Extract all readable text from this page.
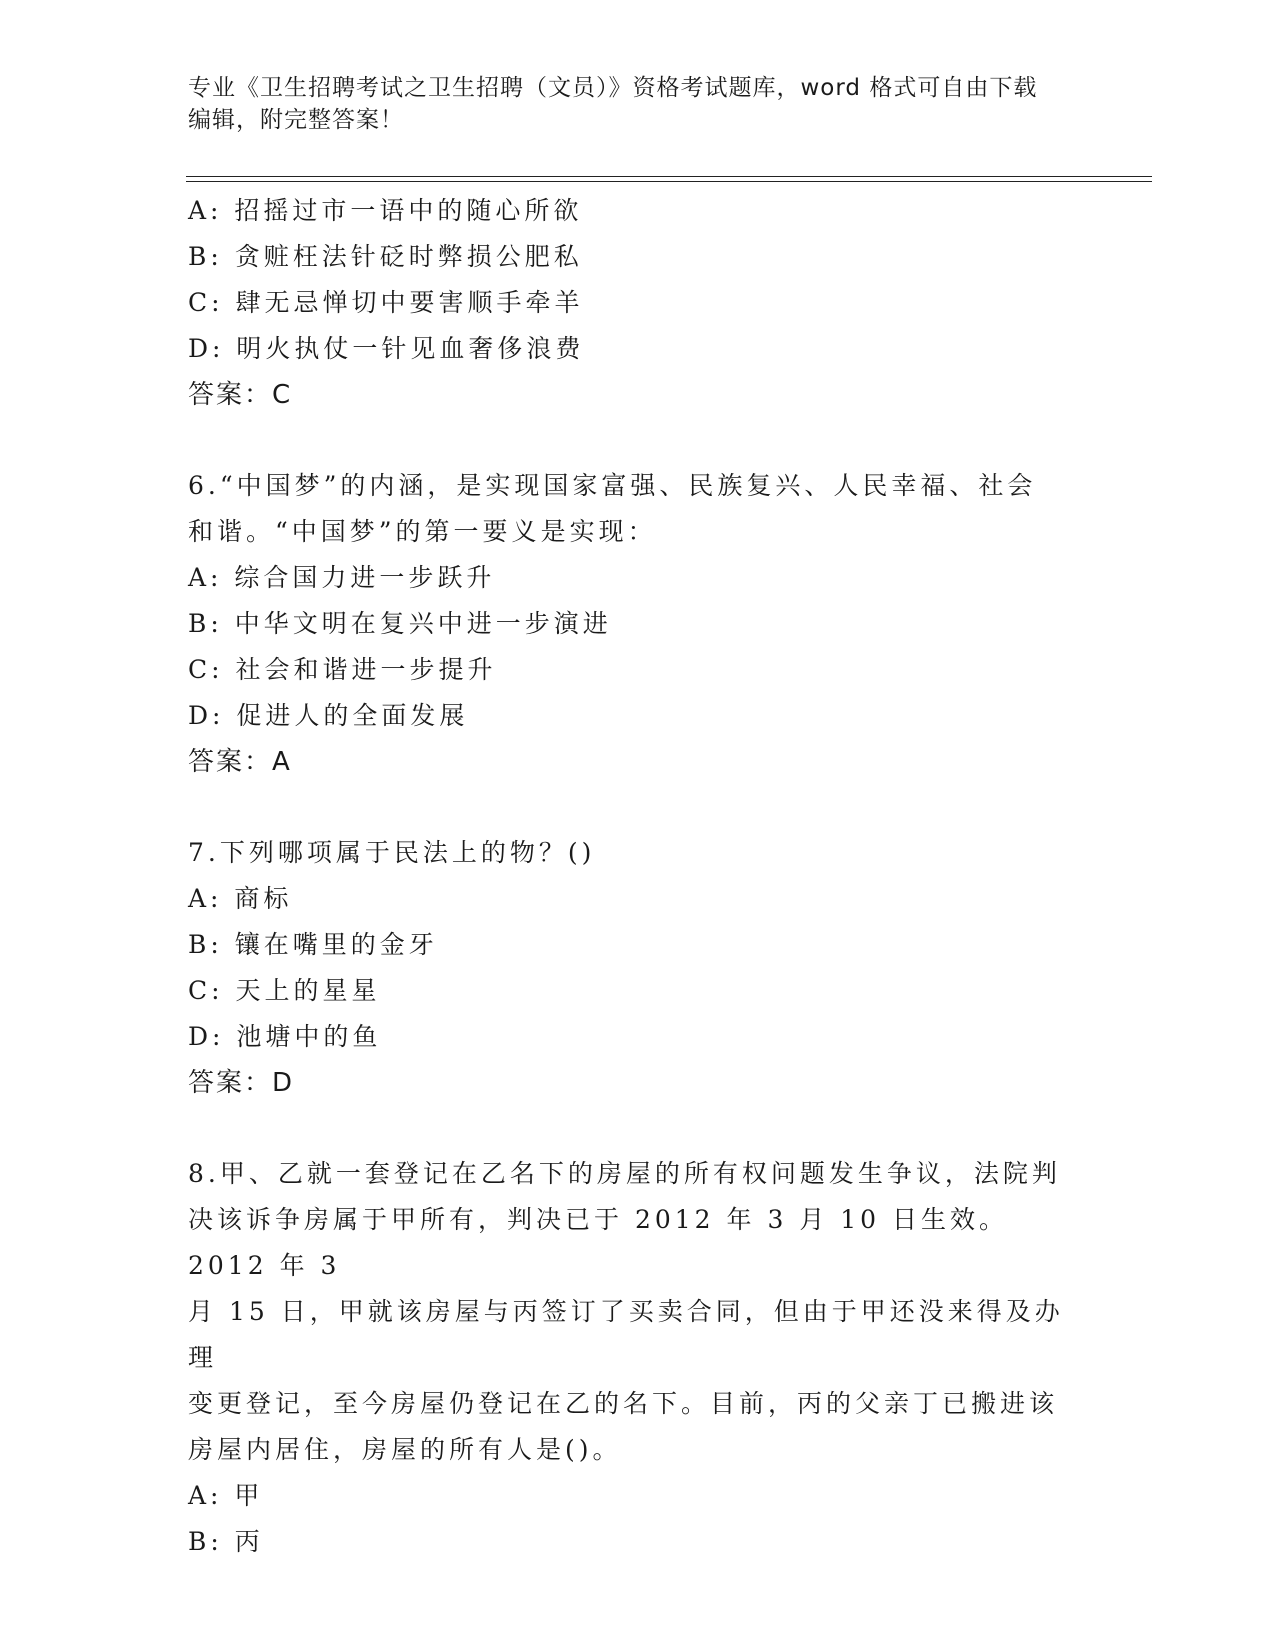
专业《卫生招聘考试之卫生招聘（文员）》资格考试题库，word 格式可自由下载
编辑，附完整答案！
A: 招摇过市一语中的随心所欲
B: 贪赃枉法针砭时弊损公肥私
C: 肆无忌惮切中要害顺手牵羊
D: 明火执仗一针见血奢侈浪费
答案：C
6.“中国梦”的内涵，是实现国家富强、民族复兴、人民幸福、社会
和谐。“中国梦”的第一要义是实现：
A: 综合国力进一步跃升
B: 中华文明在复兴中进一步演进
C: 社会和谐进一步提升
D: 促进人的全面发展
答案：A
7.下列哪项属于民法上的物？()
A: 商标
B: 镶在嘴里的金牙
C: 天上的星星
D: 池塘中的鱼
答案：D
8.甲、乙就一套登记在乙名下的房屋的所有权问题发生争议，法院判
决该诉争房属于甲所有，判决已于 2012 年 3 月 10 日生效。2012 年 3
月 15 日，甲就该房屋与丙签订了买卖合同，但由于甲还没来得及办理
变更登记，至今房屋仍登记在乙的名下。目前，丙的父亲丁已搬进该
房屋内居住，房屋的所有人是()。
A: 甲
B: 丙
